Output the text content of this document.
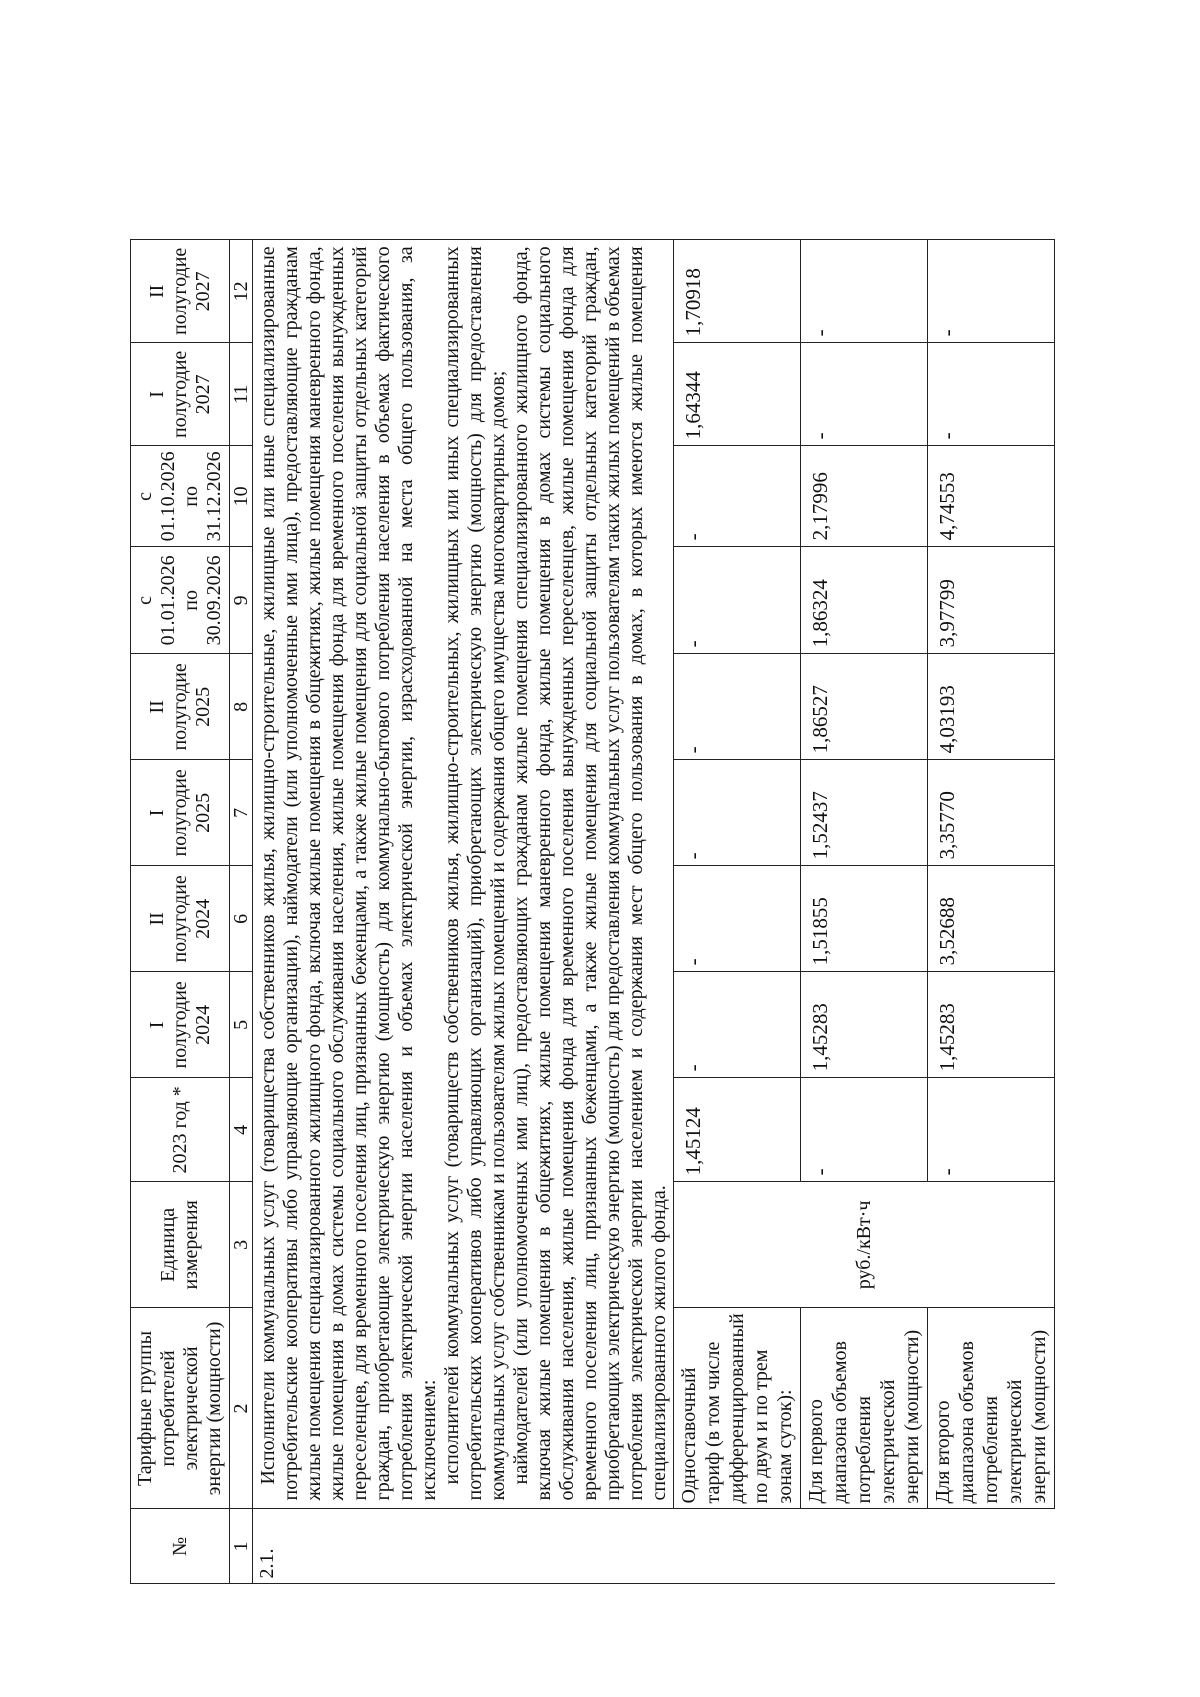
	№	Тарифные группы потребителей электрической энергии (мощности)	Единица измерения	2023 год *	I полугодие 2024	II полугодие 2024	I полугодие 2025	II полугодие 2025	с 01.01.2026 по 30.09.2026	с 01.10.2026 по 31.12.2026	I полугодие 2027	II полугодие 2027
	1	2	3	4	5	6	7	8	9	10	11	12
	2.1.	Исполнители коммунальных услуг (товарищества собственников жилья, жилищно-строительные, жилищные или иные специализированные потребительские кооперативы либо управляющие организации), наймодатели (или уполномоченные ими лица), предоставляющие гражданам жилые помещения специализированного жилищного фонда, включая жилые помещения в общежитиях, жилые помещения маневренного фонда, жилые помещения в домах системы социального обслуживания населения, жилые помещения фонда для временного поселения вынужденных переселенцев, для временного поселения лиц, признанных беженцами, а также жилые помещения для социальной защиты отдельных категорий граждан, приобретающие электрическую энергию (мощность) для коммунально-бытового потребления населения в объемах фактического потребления электрической энергии населения и объемах электрической энергии, израсходованной на места общего пользования, за исключением: исполнителей коммунальных услуг (товариществ собственников жилья, жилищно-строительных, жилищных или иных специализированных потребительских кооперативов либо управляющих организаций), приобретающих электрическую энергию (мощность) для предоставления коммунальных услуг собственникам и пользователям жилых помещений и содержания общего имущества многоквартирных домов; наймодателей (или уполномоченных ими лиц), предоставляющих гражданам жилые помещения специализированного жилищного фонда, включая жилые помещения в общежитиях, жилые помещения маневренного фонда, жилые помещения в домах системы социального обслуживания населения, жилые помещения фонда для временного поселения вынужденных переселенцев, жилые помещения фонда для временного поселения лиц, признанных беженцами, а также жилые помещения для социальной защиты отдельных категорий граждан, приобретающих электрическую энергию (мощность) для предоставления коммунальных услуг пользователям таких жилых помещений в объемах потребления электрической энергии населением и содержания мест общего пользования в домах, в которых имеются жилые помещения специализированного жилого фонда.										

		Одноставочный тариф (в том числе дифференцированный по двум и по трем зонам суток):	руб./кВт·ч	1,45124	-	-	-	-	-	-	1,64344	1,70918
		Для первого диапазона объемов потребления электрической энергии (мощности)		-	1,45283	1,51855	1,52437	1,86527	1,86324	2,17996	-	-
		Для второго диапазона объемов потребления электрической энергии (мощности)		-	1,45283	3,52688	3,35770	4,03193	3,97799	4,74553	-	-
